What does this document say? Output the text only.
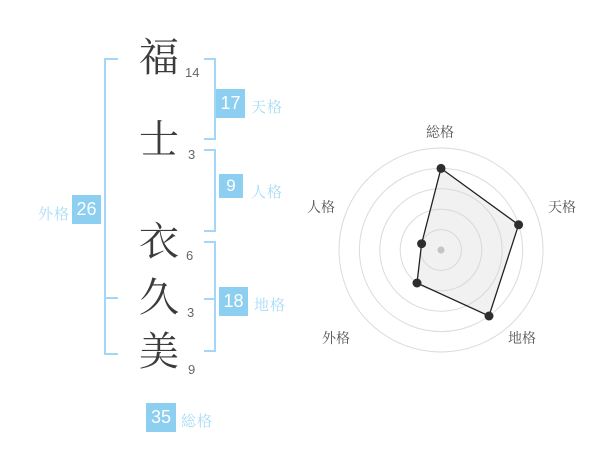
福
士
衣
久
美
14
3
6
3
9
17 天格
9	人格
18 地格
外格 26
35 総格
総格
天格
地格
外格
人格
